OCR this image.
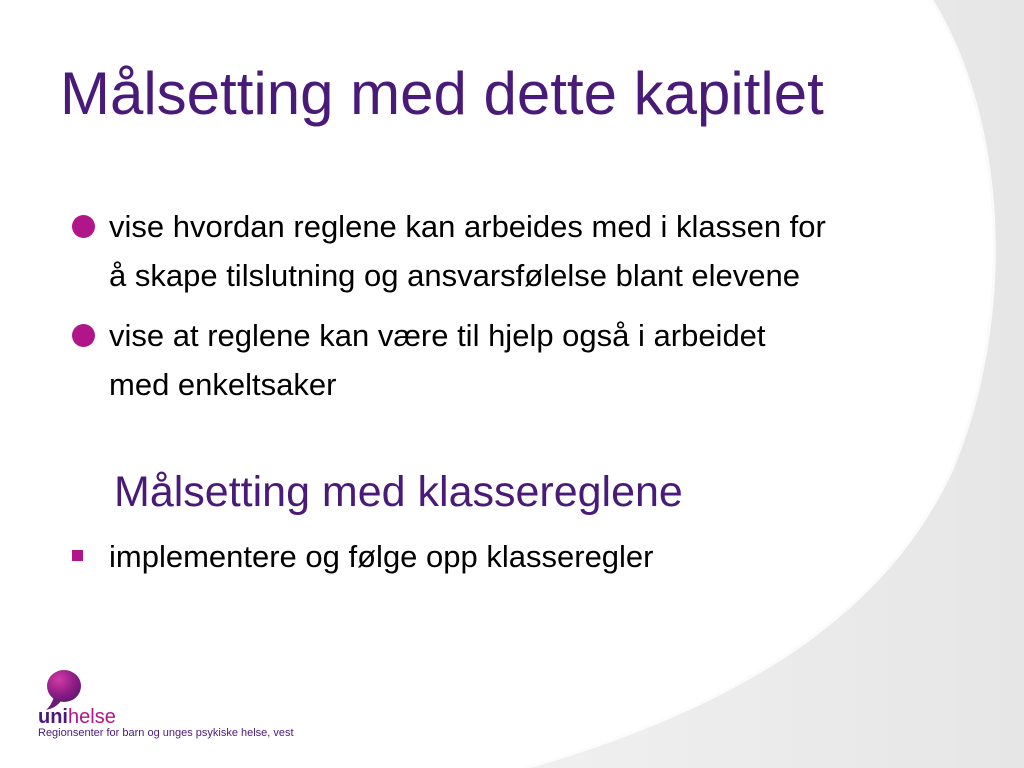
Målsetting med dette kapitlet
vise hvordan reglene kan arbeides med i klassen for å skape tilslutning og ansvarsfølelse blant elevene
vise at reglene kan være til hjelp også i arbeidet med enkeltsaker
Målsetting med klassereglene
implementere og følge opp klasseregler
unihelse
Regionsenter for barn og unges psykiske helse, vest
